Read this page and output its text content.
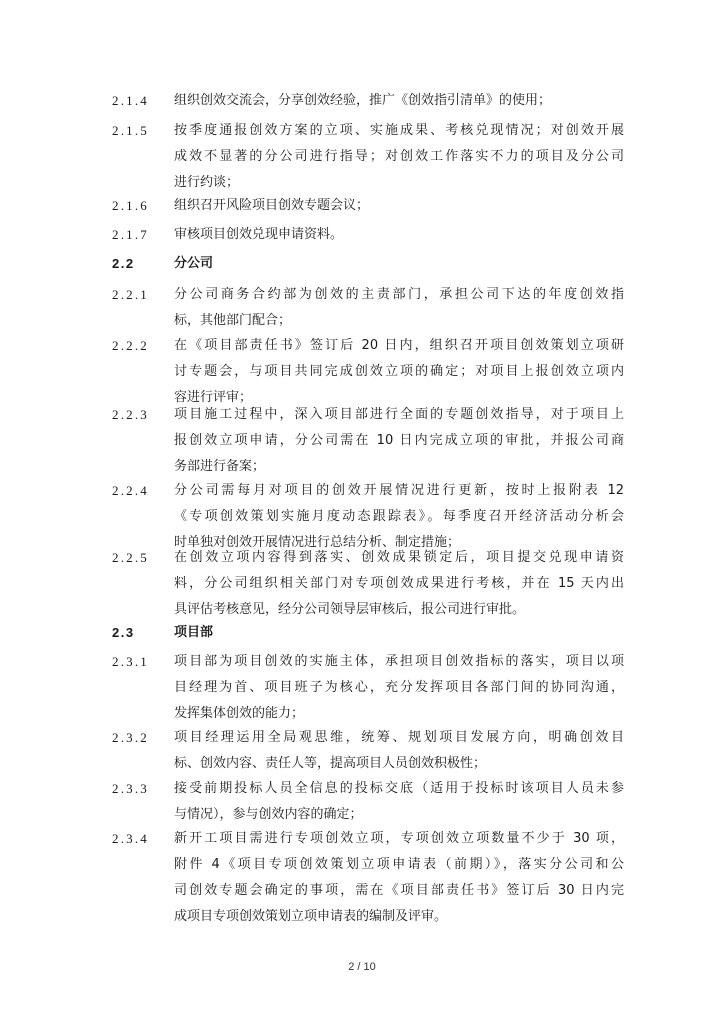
2.1.4 组织创效交流会，分享创效经验，推广《创效指引清单》的使用；
2.1.5 按季度通报创效方案的立项、实施成果、考核兑现情况；对创效开展
成效不显著的分公司进行指导；对创效工作落实不力的项目及分公司
进行约谈；
2.1.6 组织召开风险项目创效专题会议；
2.1.7 审核项目创效兑现申请资料。
2.2	分公司
2.2.1 分公司商务合约部为创效的主责部门，承担公司下达的年度创效指
标，其他部门配合；
2.2.2 在《项目部责任书》签订后 20 日内，组织召开项目创效策划立项研
讨专题会，与项目共同完成创效立项的确定；对项目上报创效立项内
容进行评审；
2.2.3 项目施工过程中，深入项目部进行全面的专题创效指导，对于项目上
报创效立项申请，分公司需在 10 日内完成立项的审批，并报公司商
务部进行备案；
2.2.4 分公司需每月对项目的创效开展情况进行更新，按时上报附表 12
《专项创效策划实施月度动态跟踪表》。每季度召开经济活动分析会
时单独对创效开展情况进行总结分析、制定措施；
2.2.5 在创效立项内容得到落实、创效成果锁定后，项目提交兑现申请资
料，分公司组织相关部门对专项创效成果进行考核，并在 15 天内出
具评估考核意见，经分公司领导层审核后，报公司进行审批。
2.3	项目部
2.3.1 项目部为项目创效的实施主体，承担项目创效指标的落实，项目以项
目经理为首、项目班子为核心，充分发挥项目各部门间的协同沟通，
发挥集体创效的能力；
2.3.2 项目经理运用全局观思维，统筹、规划项目发展方向，明确创效目
标、创效内容、责任人等，提高项目人员创效积极性；
2.3.3 接受前期投标人员全信息的投标交底（适用于投标时该项目人员未参
与情况），参与创效内容的确定；
2.3.4 新开工项目需进行专项创效立项，专项创效立项数量不少于 30 项，
附件 4《项目专项创效策划立项申请表（前期）》，落实分公司和公
司创效专题会确定的事项，需在《项目部责任书》签订后 30 日内完
成项目专项创效策划立项申请表的编制及评审。
2 / 10
